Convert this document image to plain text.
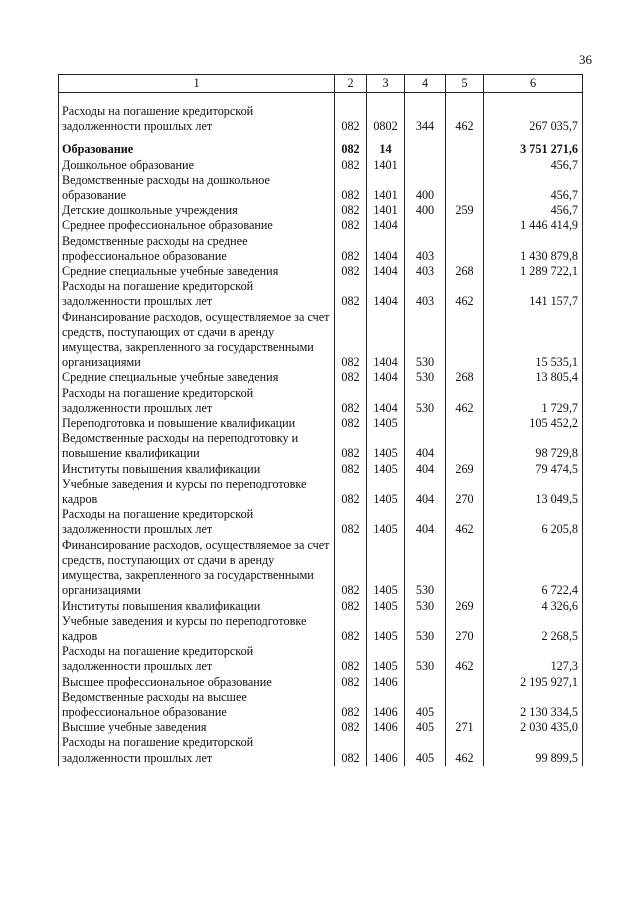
36
1	2	3	4	5	6

Расходы на погашение кредиторской задолженности прошлых лет	082	0802	344	462	267 035,7

Образование	082	14			3 751 271,6
Дошкольное образование	082	1401			456,7
Ведомственные расходы на дошкольное образование	082	1401	400		456,7
Детские дошкольные учреждения	082	1401	400	259	456,7
Среднее профессиональное образование	082	1404			1 446 414,9
Ведомственные расходы на среднее профессиональное образование	082	1404	403		1 430 879,8
Средние специальные учебные заведения	082	1404	403	268	1 289 722,1
Расходы на погашение кредиторской задолженности прошлых лет	082	1404	403	462	141 157,7
Финансирование расходов, осуществляемое за счет средств, поступающих от сдачи в аренду имущества, закрепленного за государственными организациями	082	1404	530		15 535,1
Средние специальные учебные заведения	082	1404	530	268	13 805,4
Расходы на погашение кредиторской задолженности прошлых лет	082	1404	530	462	1 729,7
Переподготовка и повышение квалификации	082	1405			105 452,2
Ведомственные расходы на переподготовку и повышение квалификации	082	1405	404		98 729,8
Институты повышения квалификации	082	1405	404	269	79 474,5
Учебные заведения и курсы по переподготовке кадров	082	1405	404	270	13 049,5
Расходы на погашение кредиторской задолженности прошлых лет	082	1405	404	462	6 205,8
Финансирование расходов, осуществляемое за счет средств, поступающих от сдачи в аренду имущества, закрепленного за государственными организациями	082	1405	530		6 722,4
Институты повышения квалификации	082	1405	530	269	4 326,6
Учебные заведения и курсы по переподготовке кадров	082	1405	530	270	2 268,5
Расходы на погашение кредиторской задолженности прошлых лет	082	1405	530	462	127,3
Высшее профессиональное образование	082	1406			2 195 927,1
Ведомственные расходы на высшее профессиональное образование	082	1406	405		2 130 334,5
Высшие учебные заведения	082	1406	405	271	2 030 435,0
Расходы на погашение кредиторской задолженности прошлых лет	082	1406	405	462	99 899,5
